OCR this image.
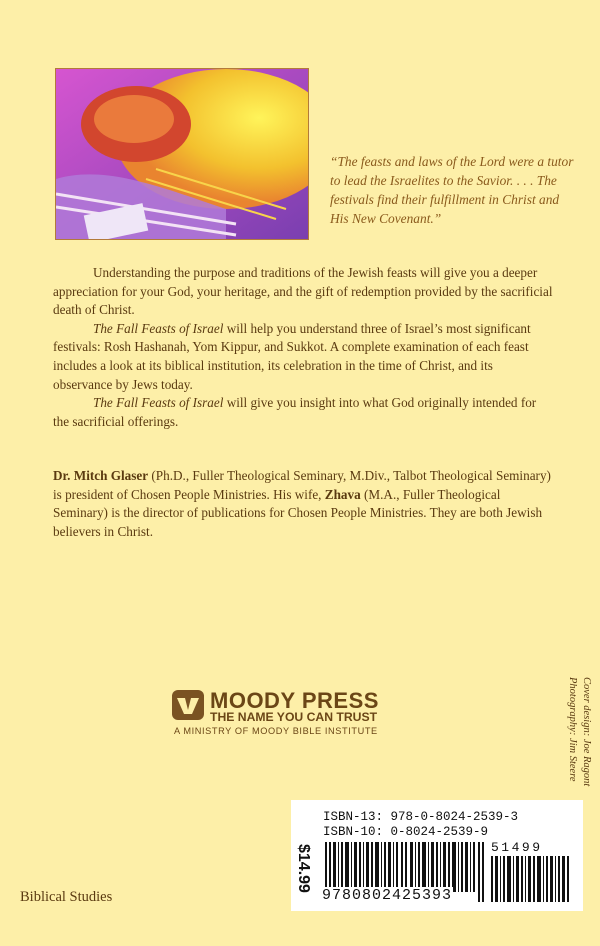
“The feasts and laws of the Lord were a tutor to lead the Israelites to the Savior. . . . The festivals find their fulfillment in Christ and His New Covenant.”

Understanding the purpose and traditions of the Jewish feasts will give you a deeper appreciation for your God, your heritage, and the gift of redemption provided by the sacrificial death of Christ.

The Fall Feasts of Israel will help you understand three of Israel’s most significant festivals: Rosh Hashanah, Yom Kippur, and Sukkot. A complete examination of each feast includes a look at its biblical institution, its celebration in the time of Christ, and its observance by Jews today.

The Fall Feasts of Israel will give you insight into what God originally intended for the sacrificial offerings.

Dr. Mitch Glaser (Ph.D., Fuller Theological Seminary, M.Div., Talbot Theological Seminary) is president of Chosen People Ministries. His wife, Zhava (M.A., Fuller Theological Seminary) is the director of publications for Chosen People Ministries. They are both Jewish believers in Christ.

MOODY PRESS
THE NAME YOU CAN TRUST
A MINISTRY OF MOODY BIBLE INSTITUTE	Cover design: Joe Ragont
Photography: Jim Steere
Biblical Studies
ISBN-13: 978-0-8024-2539-3
ISBN-10: 0-8024-2539-9
$14.99	51499
9780802425393
